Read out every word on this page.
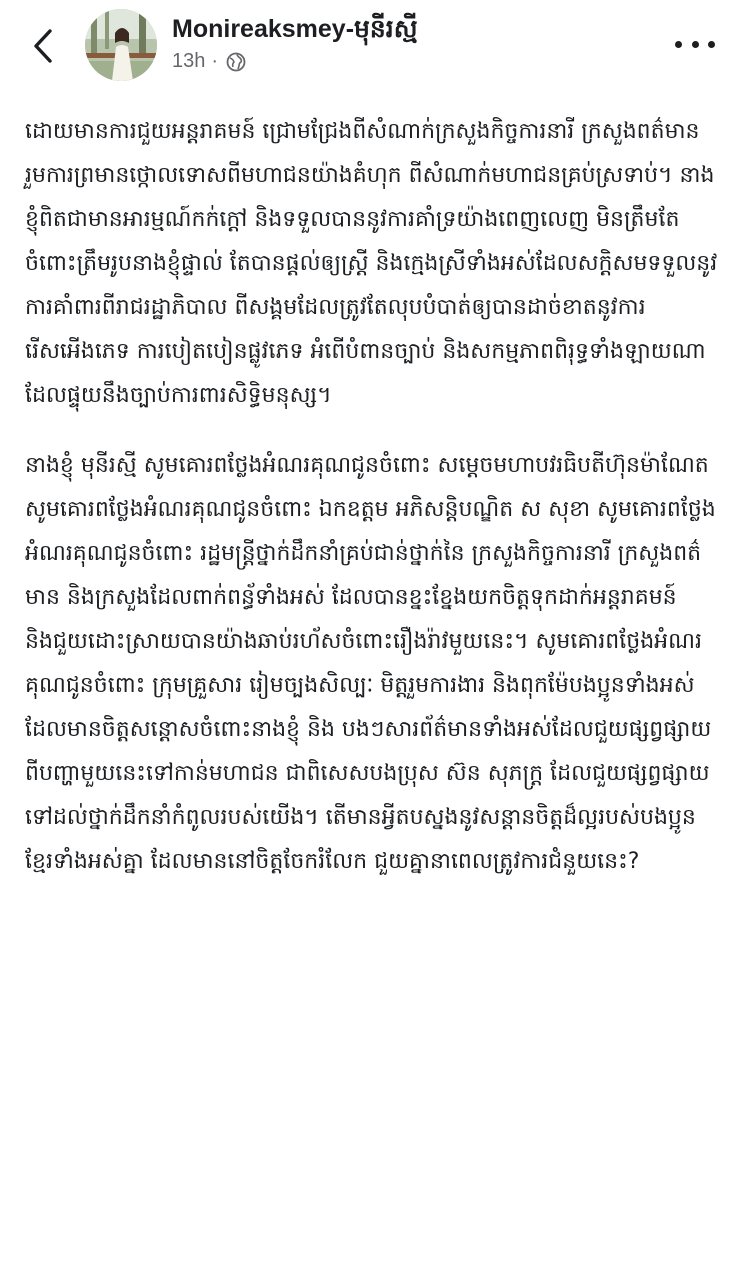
Monireaksmey-មុនីរស្មី
13h ·

ដោយមានការជួយអន្តរាគមន៍ ជ្រោមជ្រែងពីសំណាក់ក្រសួងកិច្ចការនារី ក្រសួងពត៌មាន រួមការព្រមានថ្កោលទោសពីមហាជនយ៉ាងគំហុក ពីសំណាក់មហាជនគ្រប់ស្រទាប់។ នាងខ្ញុំពិតជាមានអារម្មណ៍កក់ក្តៅ និងទទួលបាននូវការគាំទ្រយ៉ាងពេញលេញ មិនត្រឹមតែចំពោះត្រឹមរូបនាងខ្ញុំផ្ទាល់ តែបានផ្តល់ឲ្យស្ត្រី និងក្មេងស្រីទាំងអស់ដែលសក្តិសមទទួលនូវការគាំពារពីរាជរដ្ឋាភិបាល ពីសង្គមដែលត្រូវតែលុបបំបាត់ឲ្យបានដាច់ខាតនូវការរើសអើងភេទ ការបៀតបៀនផ្លូវភេទ អំពើបំពានច្បាប់ និងសកម្មភាពពិរុទ្ធទាំងឡាយណាដែលផ្ទុយនឹងច្បាប់ការពារសិទ្ធិមនុស្ស។

នាងខ្ញុំ មុនីរស្មី សូមគោរពថ្លែងអំណរគុណជូនចំពោះ សម្តេចមហាបវរធិបតីហ៊ុនម៉ាណែត សូមគោរពថ្លែងអំណរគុណជូនចំពោះ ឯកឧត្តម អភិសន្តិបណ្ឌិត ស សុខា សូមគោរពថ្លែងអំណរគុណជូនចំពោះ រដ្ឋមន្ត្រីថ្នាក់ដឹកនាំគ្រប់ជាន់ថ្នាក់នៃ ក្រសួងកិច្ចការនារី ក្រសួងពត៌មាន និងក្រសួងដែលពាក់ពន្ធ័ទាំងអស់ ដែលបានខ្នះខ្នែងយកចិត្តទុកដាក់អន្តរាគមន៍ និងជួយដោះស្រាយបានយ៉ាងឆាប់រហ័សចំពោះរឿងរ៉ាវមួយនេះ។ សូមគោរពថ្លែងអំណរគុណជូនចំពោះ ក្រុមគ្រួសារ រៀមច្បងសិល្បៈ មិត្តរួមការងារ និងពុកម៉ែបងប្អូនទាំងអស់ ដែលមានចិត្តសន្តោសចំពោះនាងខ្ញុំ និង បងៗសារព័ត៌មានទាំងអស់ដែលជួយផ្សព្វផ្សាយពីបញ្ហាមួយនេះទៅកាន់មហាជន ជាពិសេសបងប្រុស ស៊ន សុភក្រ្ត ដែលជួយផ្សព្វផ្សាយទៅដល់ថ្នាក់ដឹកនាំកំពូលរបស់យើង។ តើមានអ្វីតបស្នងនូវសន្តានចិត្តដ៏ល្អរបស់បងប្អូនខ្មែរទាំងអស់គ្នា ដែលមាននៅចិត្តចែករំលែក ជួយគ្នានាពេលត្រូវការជំនួយនេះ?
